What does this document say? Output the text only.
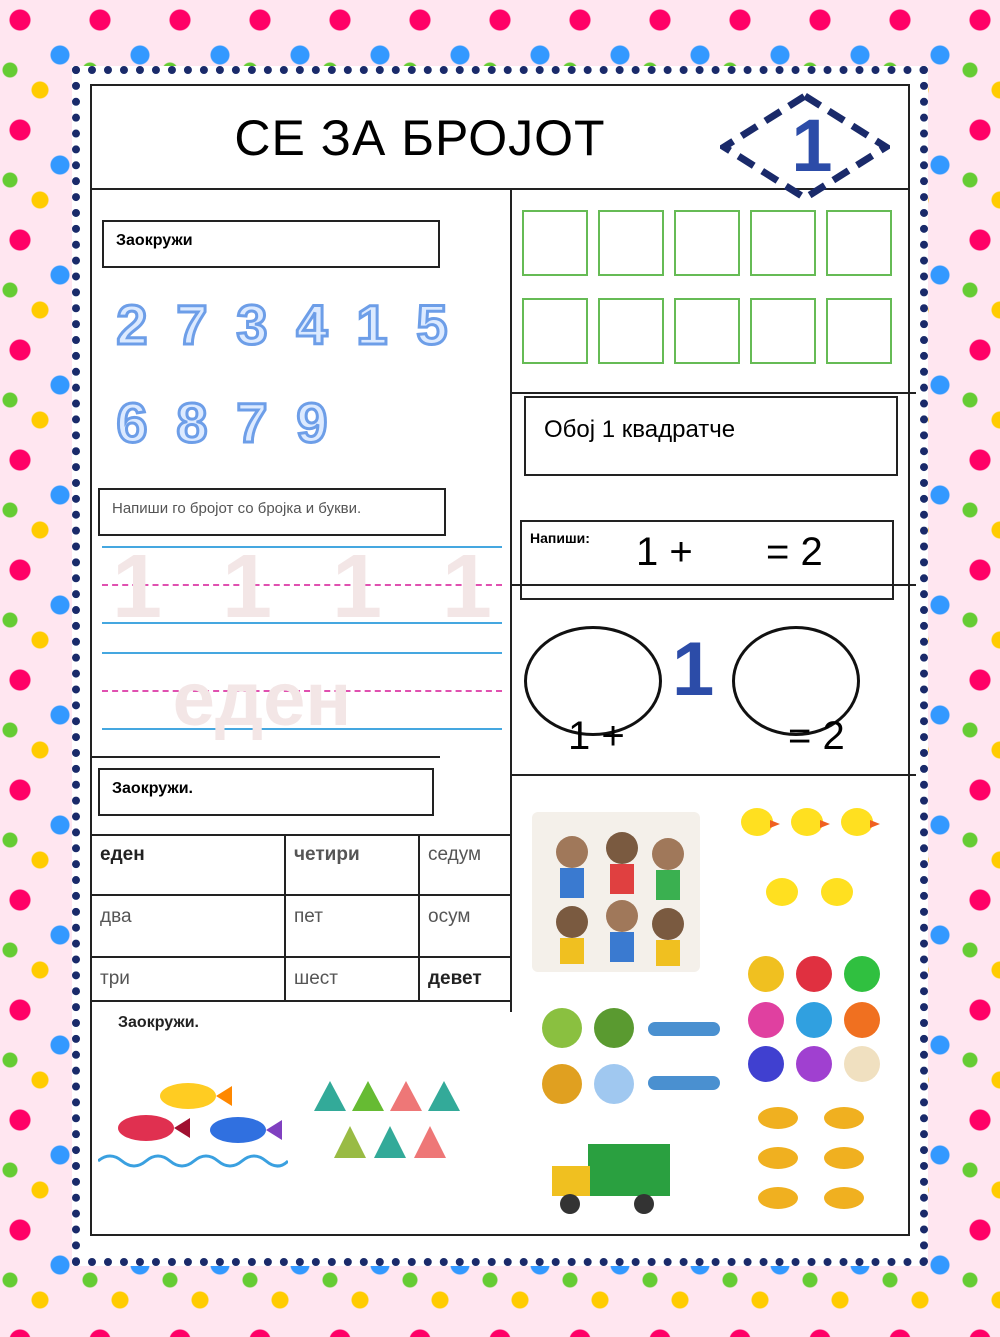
СЕ ЗА БРОЈОТ	1
Заокружи
2 7 3 4 1 5
6 8 7 9
Напиши го бројот со бројка и букви.
1 1 1 1
еден
Заокружи.
еден	четири	седум
два	пет	осум
три	шест	девет
Заокружи.
Обој 1 квадратче
Напиши:	1 + = 2
1
1 +	= 2
